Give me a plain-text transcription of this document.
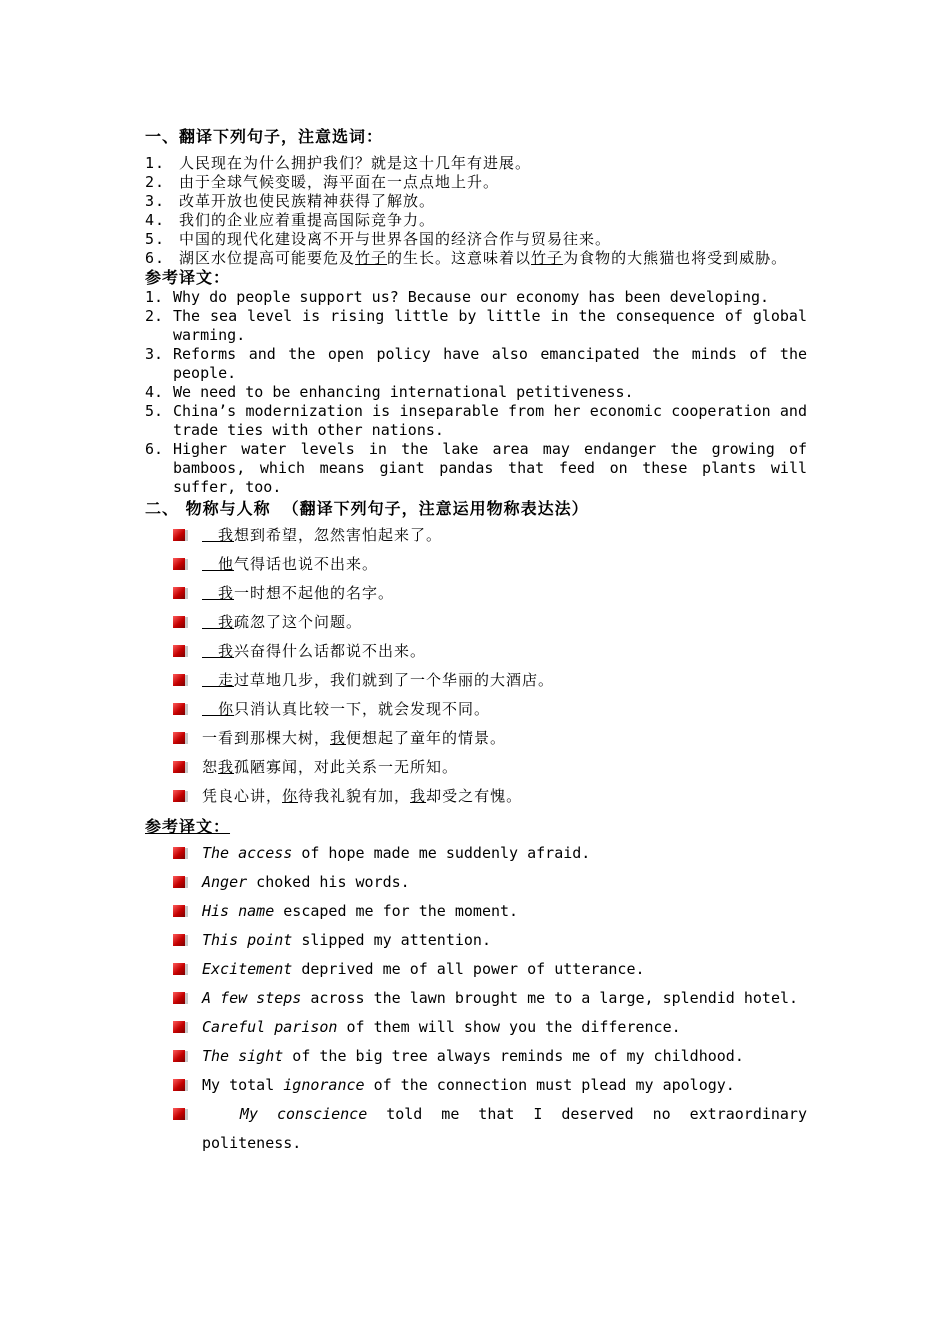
一、翻译下列句子，注意选词：
1. 人民现在为什么拥护我们？就是这十几年有进展。
2. 由于全球气候变暖，海平面在一点点地上升。
3. 改革开放也使民族精神获得了解放。
4. 我们的企业应着重提高国际竞争力。
5. 中国的现代化建设离不开与世界各国的经济合作与贸易往来。
6. 湖区水位提高可能要危及竹子的生长。这意味着以竹子为食物的大熊猫也将受到威胁。
参考译文：
1. Why do people support us? Because our economy has been developing.
2. The sea level is rising little by little in the consequence of global warming.
3. Reforms and the open policy have also emancipated the minds of the people.
4. We need to be enhancing international petitiveness.
5. China’s modernization is inseparable from her economic cooperation and trade ties with other nations.
6. Higher water levels in the lake area may endanger the growing of bamboos, which means giant pandas that feed on these plants will suffer, too.
二、 物称与人称 （翻译下列句子，注意运用物称表达法）
　我想到希望，忽然害怕起来了。
　他气得话也说不出来。
　我一时想不起他的名字。
　我疏忽了这个问题。
　我兴奋得什么话都说不出来。
　走过草地几步，我们就到了一个华丽的大酒店。
　你只消认真比较一下，就会发现不同。
一看到那棵大树，我便想起了童年的情景。
恕我孤陋寡闻，对此关系一无所知。
凭良心讲，你待我礼貌有加，我却受之有愧。
参考译文：
The access of hope made me suddenly afraid.
Anger choked his words.
His name escaped me for the moment.
This point slipped my attention.
Excitement deprived me of all power of utterance.
A few steps across the lawn brought me to a large, splendid hotel.
Careful parison of them will show you the difference.
The sight of the big tree always reminds me of my childhood.
My total ignorance of the connection must plead my apology.
My conscience told me that I deserved no extraordinary politeness.
